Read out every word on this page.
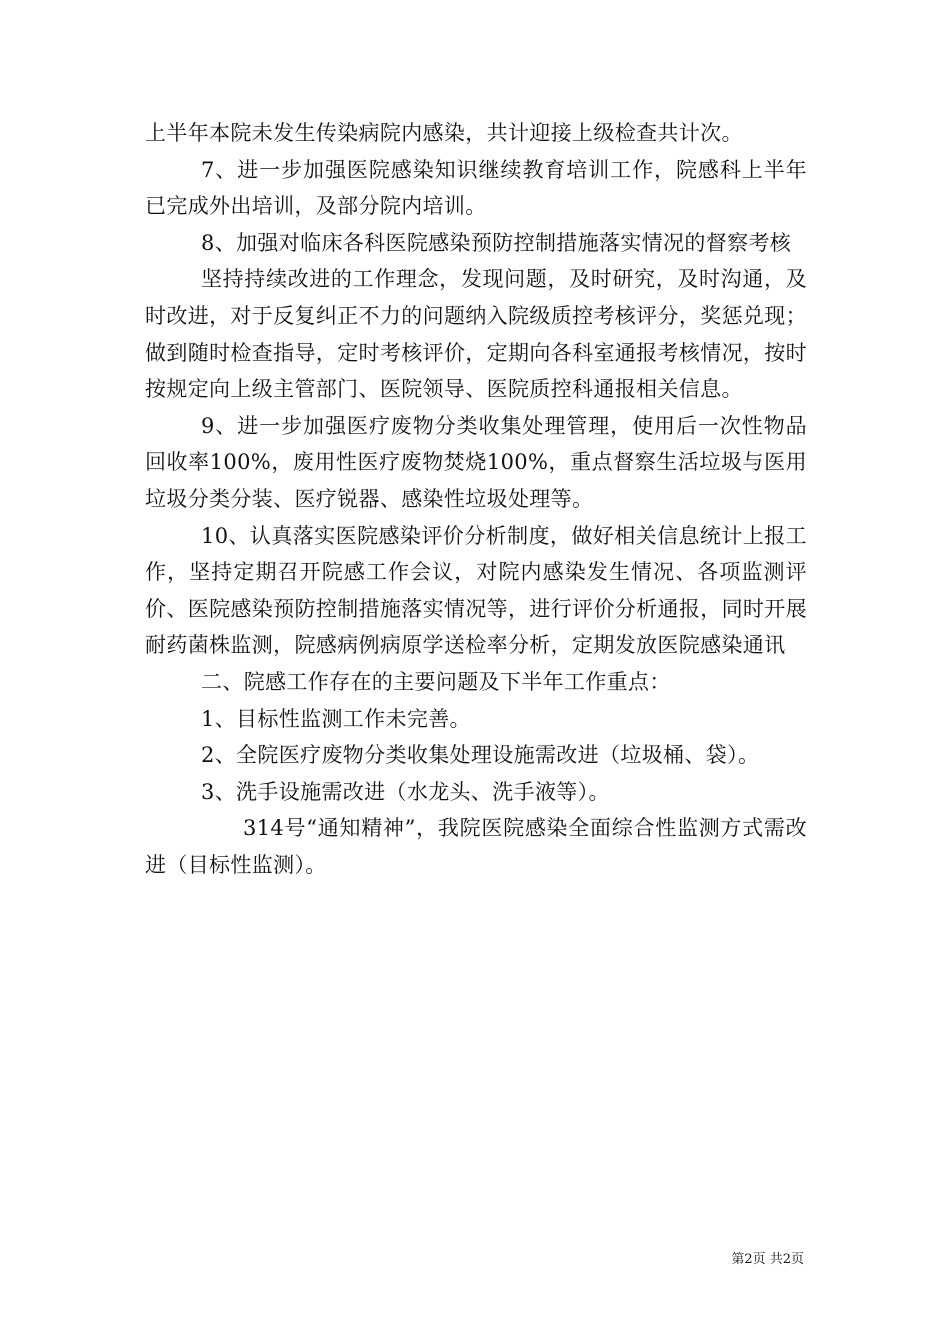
上半年本院未发生传染病院内感染，共计迎接上级检查共计次。

7、进一步加强医院感染知识继续教育培训工作，院感科上半年已完成外出培训，及部分院内培训。

8、加强对临床各科医院感染预防控制措施落实情况的督察考核

坚持持续改进的工作理念，发现问题，及时研究，及时沟通，及时改进，对于反复纠正不力的问题纳入院级质控考核评分，奖惩兑现；做到随时检查指导，定时考核评价，定期向各科室通报考核情况，按时按规定向上级主管部门、医院领导、医院质控科通报相关信息。

9、进一步加强医疗废物分类收集处理管理，使用后一次性物品回收率100%，废用性医疗废物焚烧100%，重点督察生活垃圾与医用垃圾分类分装、医疗锐器、感染性垃圾处理等。

10、认真落实医院感染评价分析制度，做好相关信息统计上报工作，坚持定期召开院感工作会议，对院内感染发生情况、各项监测评价、医院感染预防控制措施落实情况等，进行评价分析通报，同时开展耐药菌株监测，院感病例病原学送检率分析，定期发放医院感染通讯

二、院感工作存在的主要问题及下半年工作重点：

1、目标性监测工作未完善。

2、全院医疗废物分类收集处理设施需改进（垃圾桶、袋）。

3、洗手设施需改进（水龙头、洗手液等）。

314号“通知精神”，我院医院感染全面综合性监测方式需改进（目标性监测）。

第2页 共2页
